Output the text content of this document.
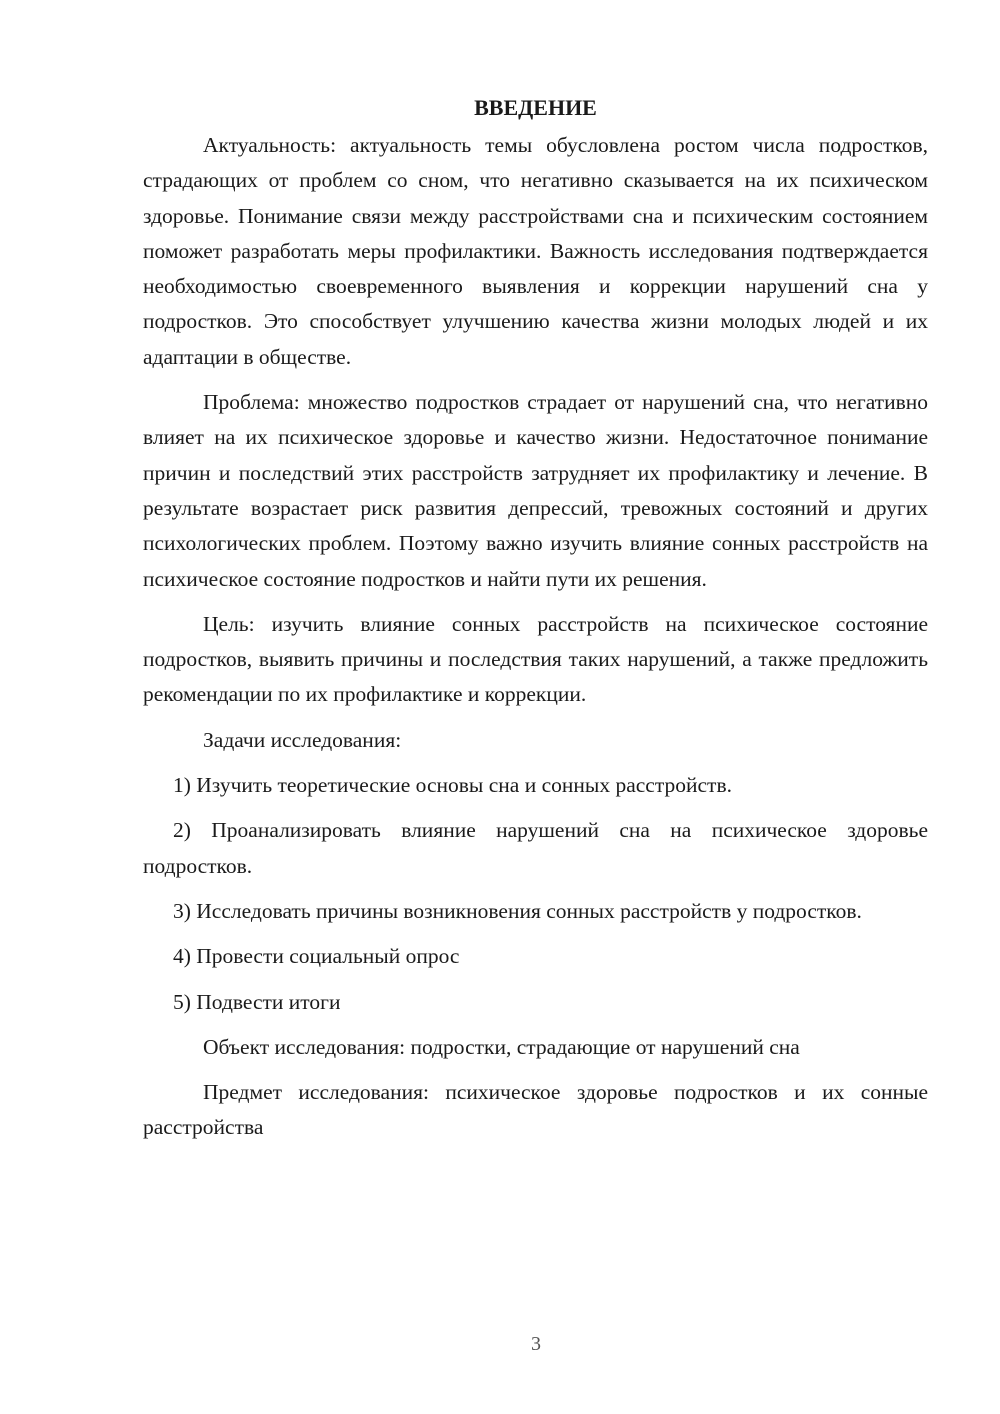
ВВЕДЕНИЕ

Актуальность: актуальность темы обусловлена ростом числа подростков, страдающих от проблем со сном, что негативно сказывается на их психическом здоровье. Понимание связи между расстройствами сна и психическим состоянием поможет разработать меры профилактики. Важность исследования подтверждается необходимостью своевременного выявления и коррекции нарушений сна у подростков. Это способствует улучшению качества жизни молодых людей и их адаптации в обществе.

Проблема: множество подростков страдает от нарушений сна, что негативно влияет на их психическое здоровье и качество жизни. Недостаточное понимание причин и последствий этих расстройств затрудняет их профилактику и лечение. В результате возрастает риск развития депрессий, тревожных состояний и других психологических проблем. Поэтому важно изучить влияние сонных расстройств на психическое состояние подростков и найти пути их решения.

Цель: изучить влияние сонных расстройств на психическое состояние подростков, выявить причины и последствия таких нарушений, а также предложить рекомендации по их профилактике и коррекции.

Задачи исследования:

1) Изучить теоретические основы сна и сонных расстройств.

2) Проанализировать влияние нарушений сна на психическое здоровье подростков.

3) Исследовать причины возникновения сонных расстройств у подростков.

4) Провести социальный опрос

5) Подвести итоги

Объект исследования: подростки, страдающие от нарушений сна

Предмет исследования: психическое здоровье подростков и их сонные расстройства

3
